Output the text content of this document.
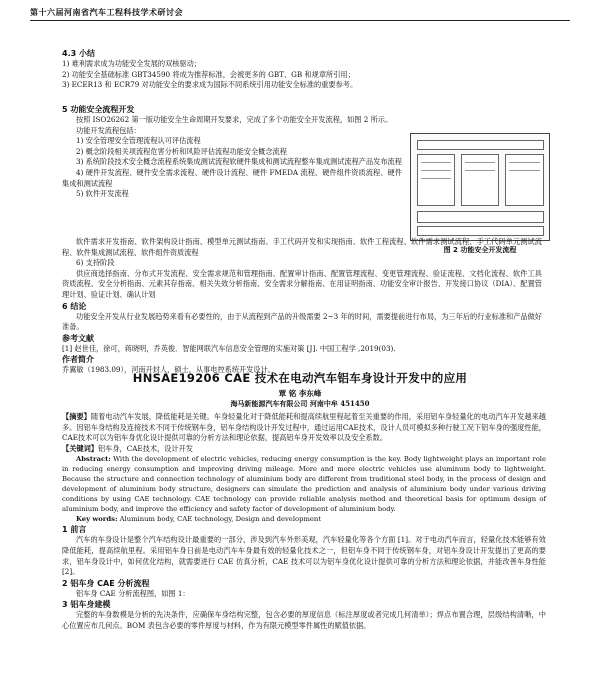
第十六届河南省汽车工程科技学术研讨会
4.3 小结
1) 难利需求成为功能安全发展的双核驱动；
2) 功能安全基础标准 GBT34590 将成为推荐标准，会被更多的 GBT、GB 和规章所引用；
3) ECER13 和 ECR79 对功能安全的要求成为国际不同系统引用功能安全标准的重要参考。
5 功能安全流程开发
按照 ISO26262 第一版功能安全生命周期开发要求，完成了多个功能安全开发流程，如图 2 所示。
功能开发流程包括：
1) 安全管理安全管理流程认可评估流程
2) 概念阶段相关项流程危害分析和风险评估流程功能安全概念流程
3) 系统阶段技术安全概念流程系统集成测试流程软硬件集成和测试流程整车集成测试流程产品发布流程
4) 硬件开发流程、硬件安全需求流程、硬件设计流程、硬件 FMEDA 流程、硬件组件资质流程、硬件集成和测试流程
5) 软件开发流程
图 2 功能安全开发流程
软件需求开发指南、软件架构设计指南、模型单元测试指南、手工代码开发和实现指南、软件工程流程、软件需求测试流程、手工代码单元测试流程、软件集成测试流程、软件组件资质流程
6) 支持阶段
供应商选择指南、分布式开发流程、安全需求规范和管理指南、配置审计指南、配置管理流程、变更管理流程、验证流程、文档化流程、软件工具资质流程、安全分析指南、元素其存指南、相关失效分析指南、安全需求分解指南、在用证明指南、功能安全审计报告、开发接口协议（DIA）、配置管理计划、验证计划、确认计划
6 结论
功能安全开发从行业发展趋势来看有必要性的，由于从流程到产品的升级需要 2~3 年的时间，需要提前进行布局，为三年后的行业标准和产品做好准备。
参考文献
[1] 赵世佳，徐可，蒋晓明，乔英俊．智能网联汽车信息安全管理的实施对策 [J]. 中国工程学 ,2019(03).
作者简介
乔翼敏（1983.09），河南开封人，硕士，从事电控系统开发设计。
HNSAE19206 CAE 技术在电动汽车铝车身设计开发中的应用
覃 铭 李东峰
海马新能源汽车有限公司 河南中牟 451450
【摘要】随着电动汽车发展，降低能耗是关键。车身轻量化对于降低能耗和提高续航里程起着至关重要的作用，采用铝车身轻量化的电动汽车开发越来越多。因铝车身结构及连接技术不同于传统钢车身，铝车身结构设计开发过程中，通过运用CAE技术，设计人员可模拟多种行驶工况下铝车身的强度性能，CAE技术可以为铝车身优化设计提供可靠的分析方法和理论依据，提高铝车身开发效率以及安全系数。
【关键词】铝车身，CAE技术，设计开发
Abstract: With the development of electric vehicles, reducing energy consumption is the key. Body lightweight plays an important role in reducing energy consumption and improving driving mileage. More and more electric vehicles use aluminum body to lightweight. Because the structure and connection technology of aluminium body are different from traditional steel body, in the process of design and development of aluminium body structure, designers can simulate the prediction and analysis of aluminium body under various driving conditions by using CAE technology. CAE technology can provide reliable analysis method and theoretical basis for optimum design of aluminium body, and improve the efficiency and safety factor of development of aluminium body.
Key words: Aluminum body, CAE technology, Design and development
1 前言
汽车的车身设计是整个汽车结构设计最重要的一部分，涉及到汽车外形美观，汽车轻量化等各个方面 [1]。对于电动汽车而言，轻量化技术能够有效降低能耗，提高续航里程。采用铝车身日前是电动汽车车身最有效的轻量化技术之一，但铝车身不同于传统钢车身，对铝车身设计开发提出了更高的要求，铝车身设计中，如何优化结构，就需要进行 CAE 仿真分析，CAE 技术可以为铝车身优化设计提供可靠的分析方法和理论依据，并能改善车身性能 [2]。
2 铝车身 CAE 分析流程
铝车身 CAE 分析流程图，如图 1：
3 铝车身建模
完整的车身数模是分析的先决条件，应确保车身结构完整，包含必要的厚度信息（标注厚度或者完成几何清单）；焊点布置合理，层级结构清晰，中心位置应布几何点。BOM 表包含必要的零件厚度与材料，作为有限元模型零件属性的赋值依据。
